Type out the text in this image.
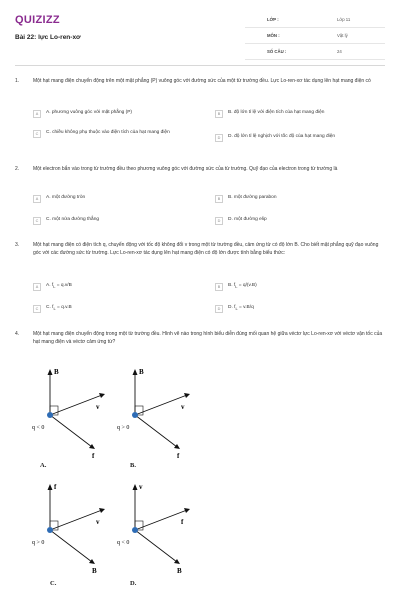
QUIZIZZ
Bài 22: lực Lo-ren-xơ
LỚP :	Lớp 11
MÔN :	Vật lý
SỐ CÂU :	24
1.	Một hạt mang điện chuyển động trên một mặt phẳng (P) vuông góc với đường sức của một từ trường đều. Lực Lo-ren-xơ tác dụng lên hạt mang điện có
A	A. phương vuông góc với mặt phẳng (P)	B	B. độ lớn tỉ lệ với điện tích của hạt mang điện
C	C. chiều không phụ thuộc vào điện tích của hạt mang điện
D	D. độ lớn tỉ lệ nghịch với tốc độ của hạt mang điện
2.	Một electron bắn vào trong từ trường đều theo phương vuông góc với đường sức của từ trường. Quỹ đạo của electron trong từ trường là
A	A. một đường tròn	B	B. một đường parabon
C	C. một nửa đường thẳng	D	D. một đường elip
3.	Một hạt mang điện có điện tích q, chuyển động với tốc độ không đổi v trong một từ trường đều, cảm ứng từ có độ lớn B. Cho biết mặt phẳng quỹ đạo vuông góc với các đường sức từ trường. Lực Lo-ren-xơ tác dụng lên hạt mang điện có độ lớn được tính bằng biểu thức:
A	A. $f_L = q.v/B$	B	B. $f_L = q/(v.B)$
C	C. $f_L = q.v.B$	D	D. $f_L = v.B/q$
4.	Một hạt mang điện chuyển động trong một từ trường đều. Hình vẽ nào trong hình biểu diễn đúng mối quan hệ giữa véctơ lực Lo-ren-xơ với véctơ vận tốc của hạt mang điện và véctơ cảm ứng từ?
B
v
f
q < 0
A.
B
v
f
q > 0
B.
f
v
B
q > 0
C.
v
f
B
q < 0
D.
